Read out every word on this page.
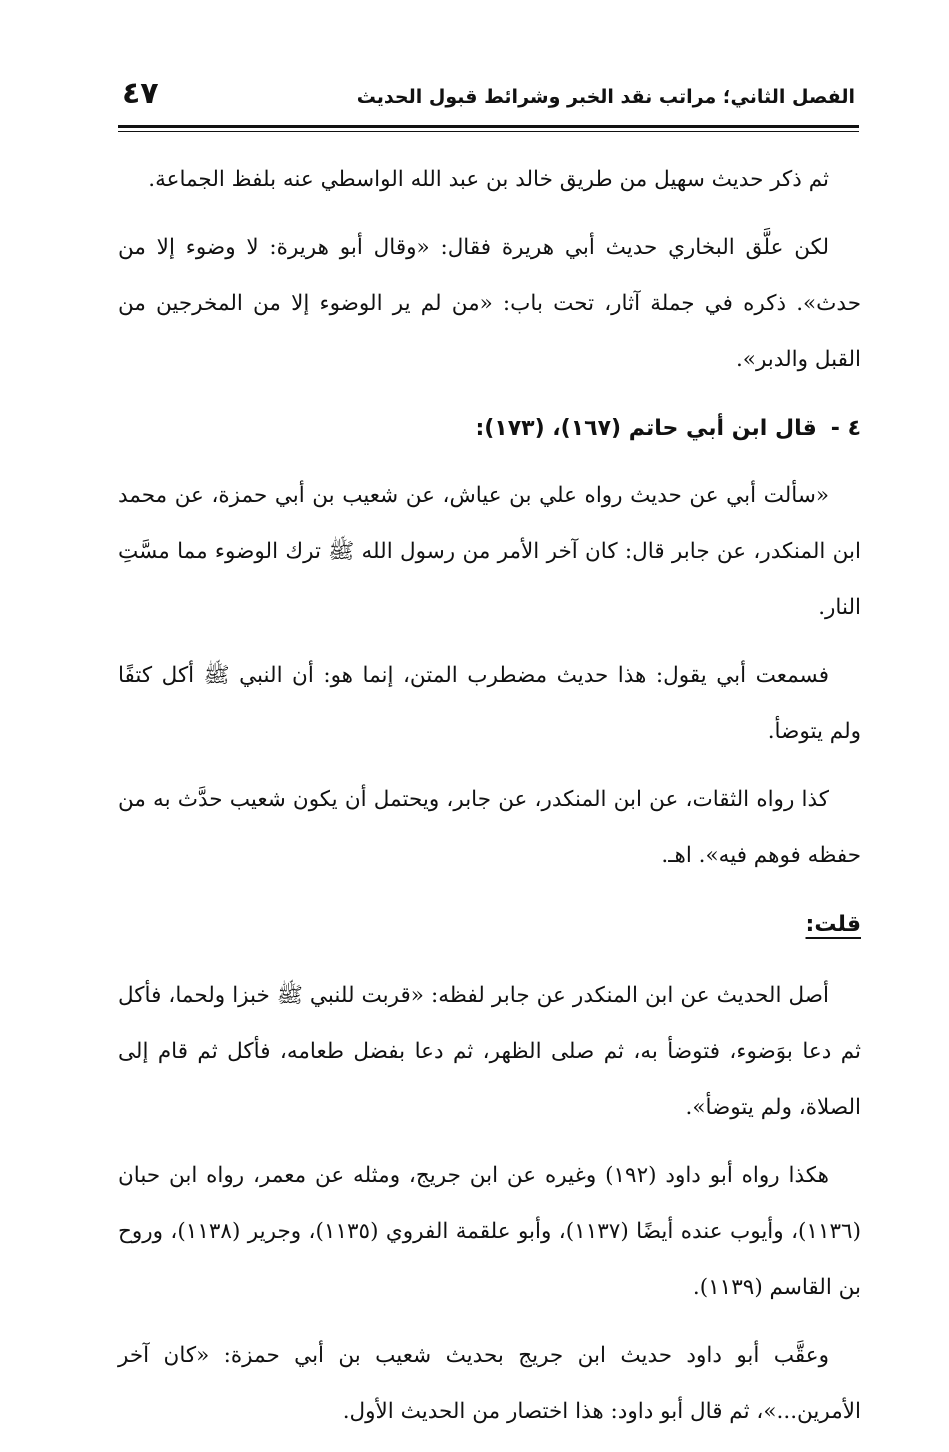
الفصل الثاني؛ مراتب نقد الخبر وشرائط قبول الحديث
٤٧

ثم ذكر حديث سهيل من طريق خالد بن عبد الله الواسطي عنه بلفظ الجماعة.

لكن علَّق البخاري حديث أبي هريرة فقال: «وقال أبو هريرة: لا وضوء إلا من حدث». ذكره في جملة آثار، تحت باب: «من لم ير الوضوء إلا من المخرجين من القبل والدبر».

٤ -قال ابن أبي حاتم (١٦٧)، (١٧٣):

«سألت أبي عن حديث رواه علي بن عياش، عن شعيب بن أبي حمزة، عن محمد ابن المنكدر، عن جابر قال: كان آخر الأمر من رسول الله ﷺ ترك الوضوء مما مسَّتِ النار.

فسمعت أبي يقول: هذا حديث مضطرب المتن، إنما هو: أن النبي ﷺ أكل كتفًا ولم يتوضأ.

كذا رواه الثقات، عن ابن المنكدر، عن جابر، ويحتمل أن يكون شعيب حدَّث به من حفظه فوهم فيه». اهـ.

قلت:

أصل الحديث عن ابن المنكدر عن جابر لفظه: «قربت للنبي ﷺ خبزا ولحما، فأكل ثم دعا بوَضوء، فتوضأ به، ثم صلى الظهر، ثم دعا بفضل طعامه، فأكل ثم قام إلى الصلاة، ولم يتوضأ».

هكذا رواه أبو داود (١٩٢) وغيره عن ابن جريج، ومثله عن معمر، رواه ابن حبان (١١٣٦)، وأيوب عنده أيضًا (١١٣٧)، وأبو علقمة الفروي (١١٣٥)، وجرير (١١٣٨)، وروح بن القاسم (١١٣٩).

وعقَّب أبو داود حديث ابن جريج بحديث شعيب بن أبي حمزة: «كان آخر الأمرين...»، ثم قال أبو داود: هذا اختصار من الحديث الأول.
